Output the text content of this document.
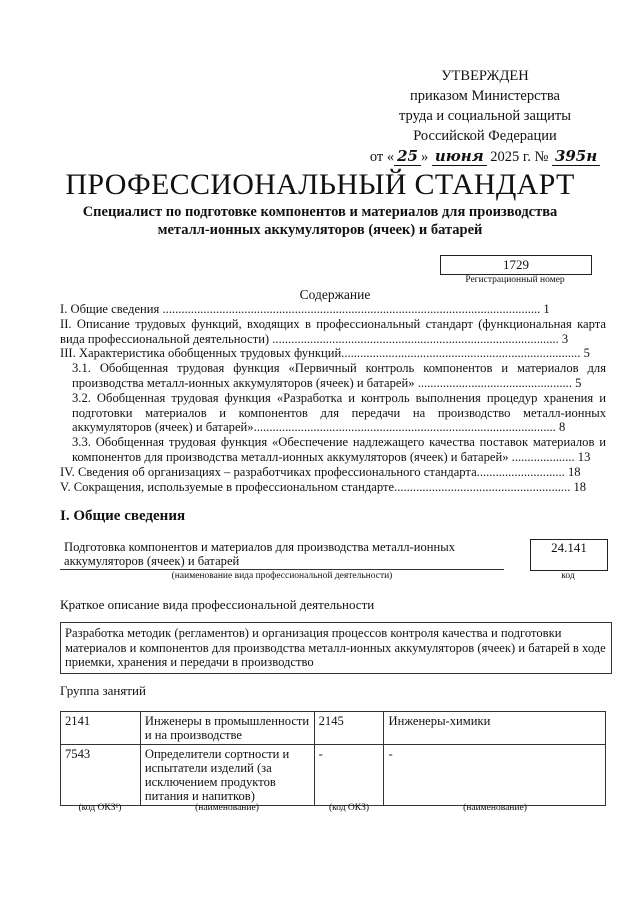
УТВЕРЖДЕН
приказом Министерства
труда и социальной защиты
Российской Федерации
от « 25 » июня 2025 г. № 395н
ПРОФЕССИОНАЛЬНЫЙ СТАНДАРТ
Специалист по подготовке компонентов и материалов для производства
металл-ионных аккумуляторов (ячеек) и батарей
1729
Регистрационный номер
Содержание
I. Общие сведения ........................................................................................................................ 1
II. Описание трудовых функций, входящих в профессиональный стандарт (функциональная карта вида профессиональной деятельности) ........................................................................................... 3
III. Характеристика обобщенных трудовых функций............................................................................ 5
3.1. Обобщенная трудовая функция «Первичный контроль компонентов и материалов для производства металл-ионных аккумуляторов (ячеек) и батарей» ................................................. 5
3.2. Обобщенная трудовая функция «Разработка и контроль выполнения процедур хранения и подготовки материалов и компонентов для передачи на производство металл-ионных аккумуляторов (ячеек) и батарей»................................................................................................ 8
3.3. Обобщенная трудовая функция «Обеспечение надлежащего качества поставок материалов и компонентов для производства металл-ионных аккумуляторов (ячеек) и батарей» .................... 13
IV. Сведения об организациях – разработчиках профессионального стандарта............................ 18
V. Сокращения, используемые в профессиональном стандарте........................................................ 18
I. Общие сведения
Подготовка компонентов и материалов для производства металл-ионных аккумуляторов (ячеек) и батарей
24.141
(наименование вида профессиональной деятельности)	код
Краткое описание вида профессиональной деятельности
Разработка методик (регламентов) и организация процессов контроля качества и подготовки материалов и компонентов для производства металл-ионных аккумуляторов (ячеек) и батарей в ходе приемки, хранения и передачи в производство
Группа занятий
2141	Инженеры в промышленности и на производстве	2145	Инженеры-химики
7543	Определители сортности и испытатели изделий (за исключением продуктов питания и напитков)	-	-
(код ОКЗ¹)	(наименование)	(код ОКЗ)	(наименование)
